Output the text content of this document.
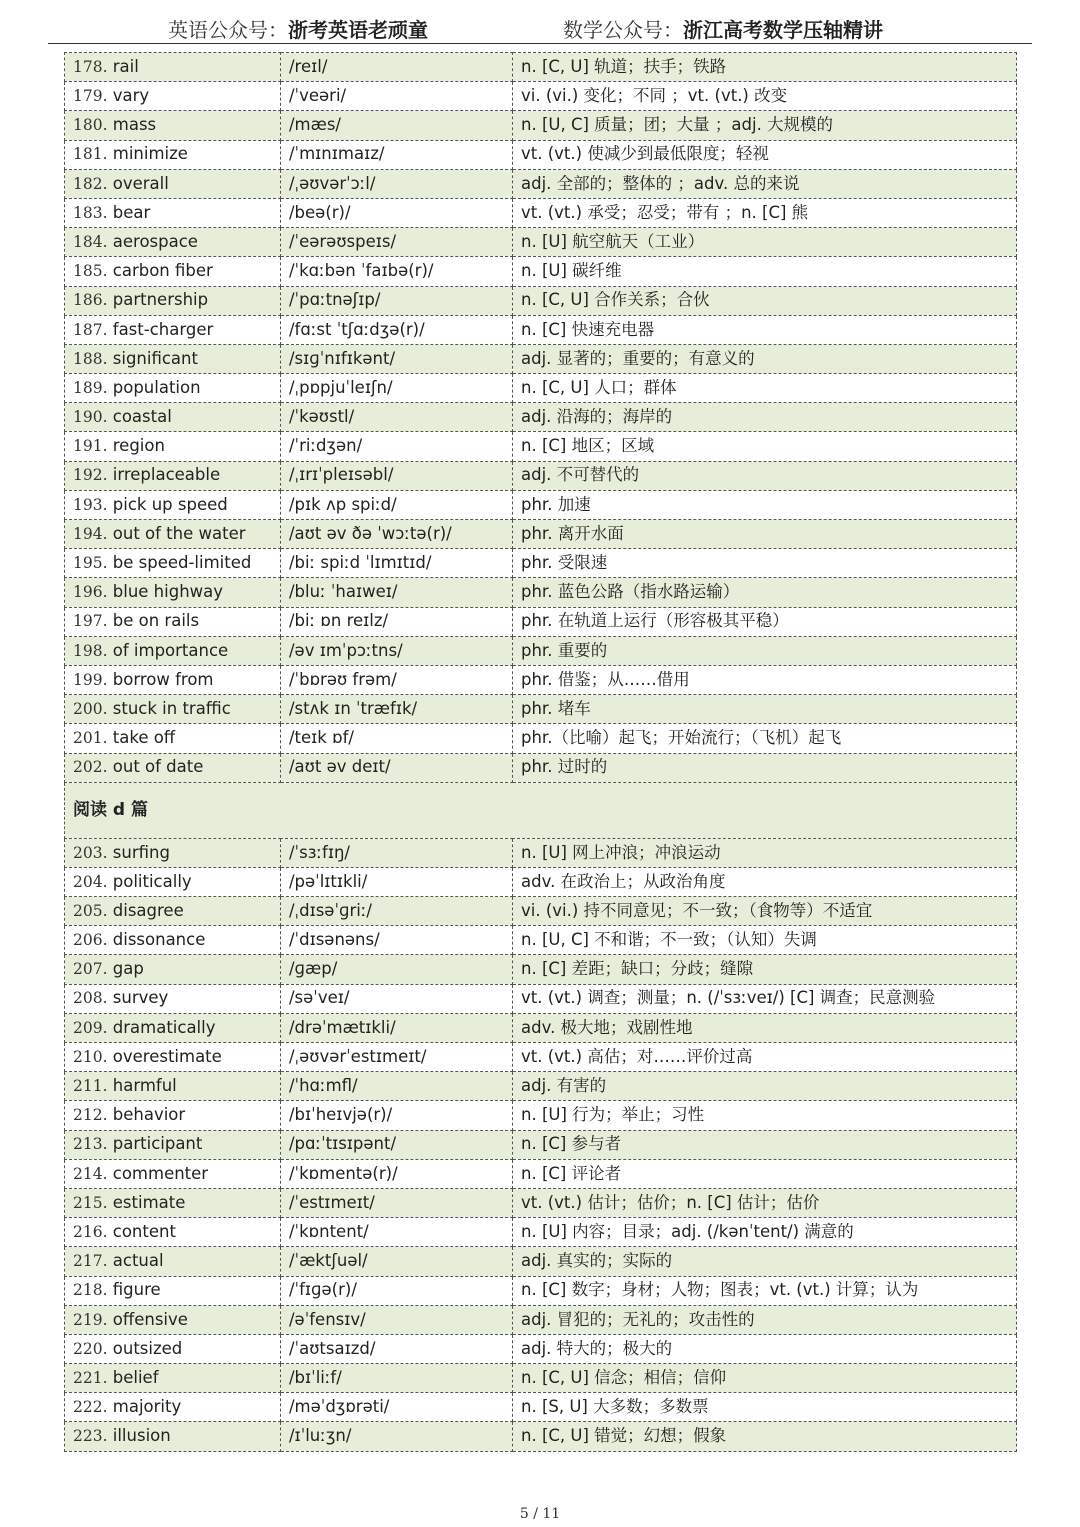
英语公众号：浙考英语老顽童	数学公众号：浙江高考数学压轴精讲
178. rail	/reɪl/	n. [C, U] 轨道；扶手；铁路
179. vary	/ˈveəri/	vi. (vi.) 变化；不同 ；vt. (vt.) 改变
180. mass	/mæs/	n. [U, C] 质量；团；大量 ；adj. 大规模的
181. minimize	/ˈmɪnɪmaɪz/	vt. (vt.) 使减少到最低限度；轻视
182. overall	/ˌəʊvərˈɔːl/	adj. 全部的；整体的 ；adv. 总的来说
183. bear	/beə(r)/	vt. (vt.) 承受；忍受；带有 ；n. [C] 熊
184. aerospace	/ˈeərəʊspeɪs/	n. [U] 航空航天（工业）
185. carbon fiber	/ˈkɑːbən ˈfaɪbə(r)/	n. [U] 碳纤维
186. partnership	/ˈpɑːtnəʃɪp/	n. [C, U] 合作关系；合伙
187. fast-charger	/fɑːst ˈtʃɑːdʒə(r)/	n. [C] 快速充电器
188. significant	/sɪɡˈnɪfɪkənt/	adj. 显著的；重要的；有意义的
189. population	/ˌpɒpjuˈleɪʃn/	n. [C, U] 人口；群体
190. coastal	/ˈkəʊstl/	adj. 沿海的；海岸的
191. region	/ˈriːdʒən/	n. [C] 地区；区域
192. irreplaceable	/ˌɪrɪˈpleɪsəbl/	adj. 不可替代的
193. pick up speed	/pɪk ʌp spiːd/	phr. 加速
194. out of the water	/aʊt əv ðə ˈwɔːtə(r)/	phr. 离开水面
195. be speed-limited	/biː spiːd ˈlɪmɪtɪd/	phr. 受限速
196. blue highway	/bluː ˈhaɪweɪ/	phr. 蓝色公路（指水路运输）
197. be on rails	/biː ɒn reɪlz/	phr. 在轨道上运行（形容极其平稳）
198. of importance	/əv ɪmˈpɔːtns/	phr. 重要的
199. borrow from	/ˈbɒrəʊ frəm/	phr. 借鉴；从……借用
200. stuck in traffic	/stʌk ɪn ˈtræfɪk/	phr. 堵车
201. take off	/teɪk ɒf/	phr.（比喻）起飞；开始流行；（飞机）起飞
202. out of date	/aʊt əv deɪt/	phr. 过时的
阅读 d 篇		
203. surfing	/ˈsɜːfɪŋ/	n. [U] 网上冲浪；冲浪运动
204. politically	/pəˈlɪtɪkli/	adv. 在政治上；从政治角度
205. disagree	/ˌdɪsəˈɡriː/	vi. (vi.) 持不同意见；不一致；（食物等）不适宜
206. dissonance	/ˈdɪsənəns/	n. [U, C] 不和谐；不一致；（认知）失调
207. gap	/ɡæp/	n. [C] 差距；缺口；分歧；缝隙
208. survey	/səˈveɪ/	vt. (vt.) 调查；测量；n. (/ˈsɜːveɪ/) [C] 调查；民意测验
209. dramatically	/drəˈmætɪkli/	adv. 极大地；戏剧性地
210. overestimate	/ˌəʊvərˈestɪmeɪt/	vt. (vt.) 高估；对……评价过高
211. harmful	/ˈhɑːmfl/	adj. 有害的
212. behavior	/bɪˈheɪvjə(r)/	n. [U] 行为；举止；习性
213. participant	/pɑːˈtɪsɪpənt/	n. [C] 参与者
214. commenter	/ˈkɒmentə(r)/	n. [C] 评论者
215. estimate	/ˈestɪmeɪt/	vt. (vt.) 估计；估价；n. [C] 估计；估价
216. content	/ˈkɒntent/	n. [U] 内容；目录；adj. (/kənˈtent/) 满意的
217. actual	/ˈæktʃuəl/	adj. 真实的；实际的
218. figure	/ˈfɪɡə(r)/	n. [C] 数字；身材；人物；图表；vt. (vt.) 计算；认为
219. offensive	/əˈfensɪv/	adj. 冒犯的；无礼的；攻击性的
220. outsized	/ˈaʊtsaɪzd/	adj. 特大的；极大的
221. belief	/bɪˈliːf/	n. [C, U] 信念；相信；信仰
222. majority	/məˈdʒɒrəti/	n. [S, U] 大多数；多数票
223. illusion	/ɪˈluːʒn/	n. [C, U] 错觉；幻想；假象
5 / 11
